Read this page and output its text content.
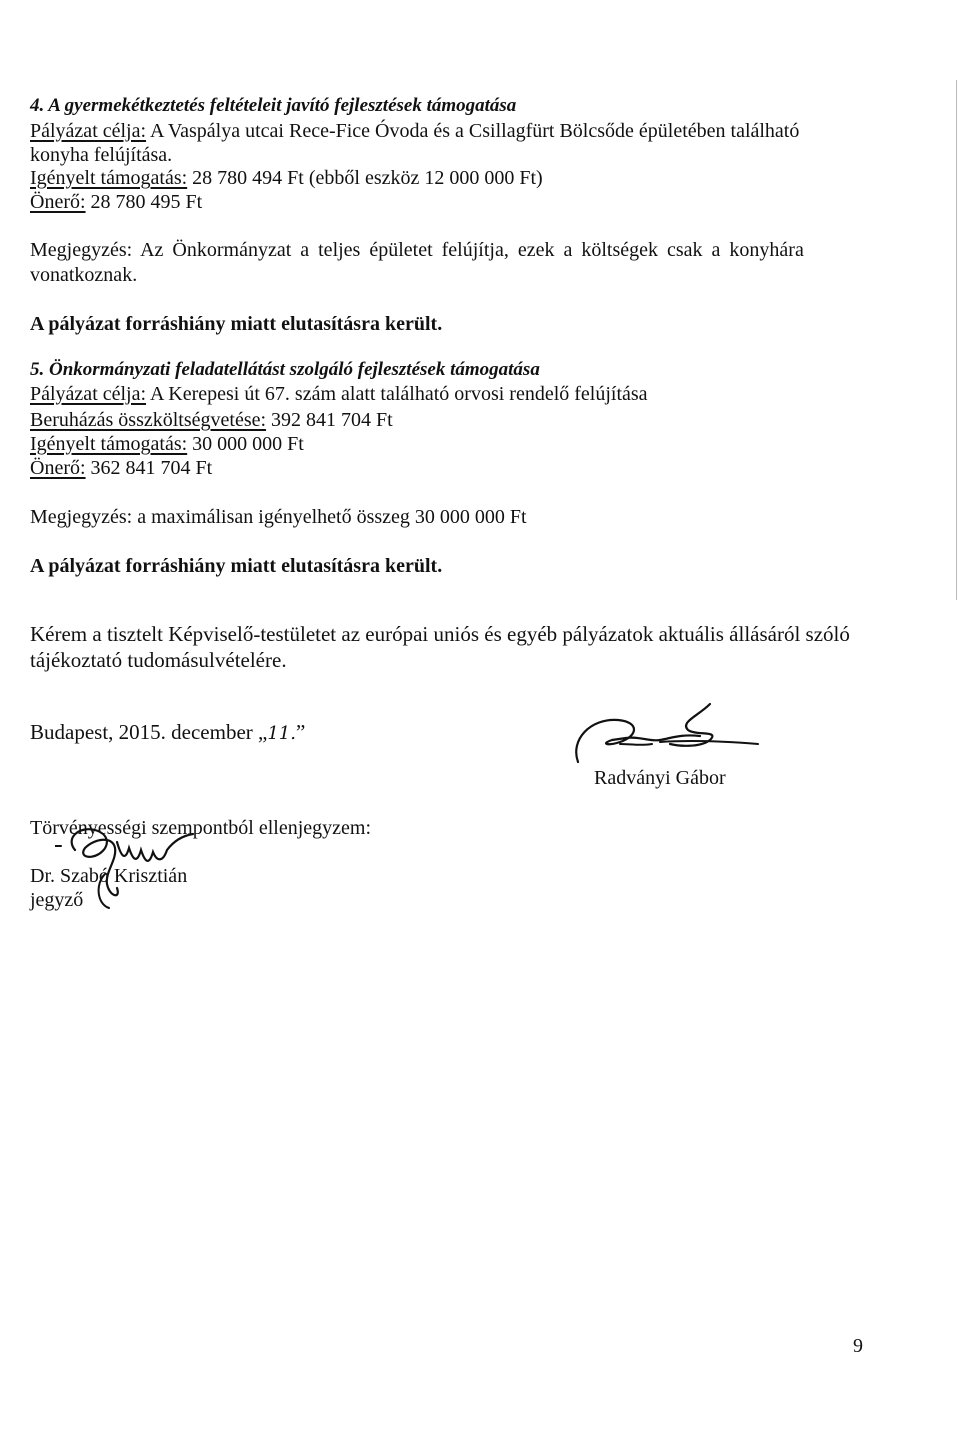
4. A gyermekétkeztetés feltételeit javító fejlesztések támogatása

Pályázat célja: A Vaspálya utcai Rece-Fice Óvoda és a Csillagfürt Bölcsőde épületében található

konyha felújítása.

Igényelt támogatás: 28 780 494 Ft (ebből eszköz 12 000 000 Ft)

Önerő: 28 780 495 Ft

Megjegyzés: Az Önkormányzat a teljes épületet felújítja, ezek a költségek csak a konyhára

vonatkoznak.

A pályázat forráshiány miatt elutasításra került.

5. Önkormányzati feladatellátást szolgáló fejlesztések támogatása

Pályázat célja: A Kerepesi út 67. szám alatt található orvosi rendelő felújítása

Beruházás összköltségvetése: 392 841 704 Ft

Igényelt támogatás: 30 000 000 Ft

Önerő: 362 841 704 Ft

Megjegyzés: a maximálisan igényelhető összeg 30 000 000 Ft

A pályázat forráshiány miatt elutasításra került.

Kérem a tisztelt Képviselő-testületet az európai uniós és egyéb pályázatok aktuális állásáról szóló

tájékoztató tudomásulvételére.

Budapest, 2015. december „11.”

Radványi Gábor

Törvényességi szempontból ellenjegyzem:

Dr. Szabó Krisztián

jegyző

9
